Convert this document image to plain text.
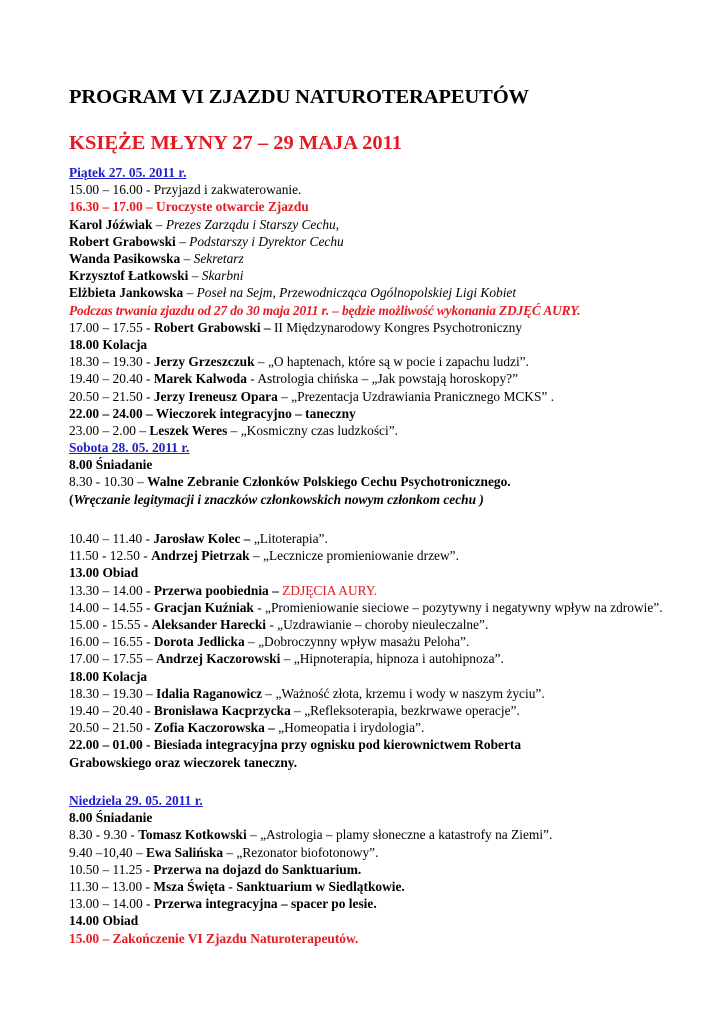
PROGRAM VI ZJAZDU NATUROTERAPEUTÓW
KSIĘŻE MŁYNY 27 – 29 MAJA 2011
Piątek 27. 05. 2011 r.
15.00 – 16.00 - Przyjazd i zakwaterowanie.
16.30 – 17.00 – Uroczyste otwarcie Zjazdu
Karol Jóźwiak – Prezes Zarządu i Starszy Cechu,
Robert Grabowski – Podstarszy i Dyrektor Cechu
Wanda Pasikowska – Sekretarz
Krzysztof Łatkowski – Skarbni
Elżbieta Jankowska – Poseł na Sejm, Przewodnicząca Ogólnopolskiej Ligi Kobiet
Podczas trwania zjazdu od 27 do 30 maja 2011 r. – będzie możliwość wykonania ZDJĘĆ AURY.
17.00 – 17.55 - Robert Grabowski – II Międzynarodowy Kongres Psychotroniczny
18.00 Kolacja
18.30 – 19.30 - Jerzy Grzeszczuk – „O haptenach, które są w pocie i zapachu ludzi”.
19.40 – 20.40 - Marek Kalwoda - Astrologia chińska – „Jak powstają horoskopy?”
20.50 – 21.50 - Jerzy Ireneusz Opara – „Prezentacja Uzdrawiania Pranicznego MCKS” .
22.00 – 24.00 – Wieczorek integracyjno – taneczny
23.00 – 2.00 – Leszek Weres – „Kosmiczny czas ludzkości”.
Sobota 28. 05. 2011 r.
8.00 Śniadanie
8.30 - 10.30 – Walne Zebranie Członków Polskiego Cechu Psychotronicznego.
(Wręczanie legitymacji i znaczków członkowskich nowym członkom cechu )
10.40 – 11.40 - Jarosław Kolec – „Litoterapia”.
11.50 - 12.50 - Andrzej Pietrzak – „Lecznicze promieniowanie drzew”.
13.00 Obiad
13.30 – 14.00 - Przerwa poobiednia – ZDJĘCIA AURY.
14.00 – 14.55 - Gracjan Kuźniak - „Promieniowanie sieciowe – pozytywny i negatywny wpływ na zdrowie”.
15.00 - 15.55 - Aleksander Harecki - „Uzdrawianie – choroby nieuleczalne”.
16.00 – 16.55 - Dorota Jedlicka – „Dobroczynny wpływ masażu Peloha”.
17.00 – 17.55 – Andrzej Kaczorowski – „Hipnoterapia, hipnoza i autohipnoza”.
18.00 Kolacja
18.30 – 19.30 – Idalia Raganowicz – „Ważność złota, krzemu i wody w naszym życiu”.
19.40 – 20.40 - Bronisława Kacprzycka – „Refleksoterapia, bezkrwawe operacje”.
20.50 – 21.50 - Zofia Kaczorowska – „Homeopatia i irydologia”.
22.00 – 01.00 - Biesiada integracyjna przy ognisku pod kierownictwem Roberta Grabowskiego oraz wieczorek taneczny.
Niedziela 29. 05. 2011 r.
8.00 Śniadanie
8.30 - 9.30 - Tomasz Kotkowski – „Astrologia – plamy słoneczne a katastrofy na Ziemi”.
9.40 –10,40 – Ewa Salińska – „Rezonator biofotonowy”.
10.50 – 11.25 - Przerwa na dojazd do Sanktuarium.
11.30 – 13.00 - Msza Święta - Sanktuarium w Siedlątkowie.
13.00 – 14.00 - Przerwa integracyjna – spacer po lesie.
14.00 Obiad
15.00 – Zakończenie VI Zjazdu Naturoterapeutów.
